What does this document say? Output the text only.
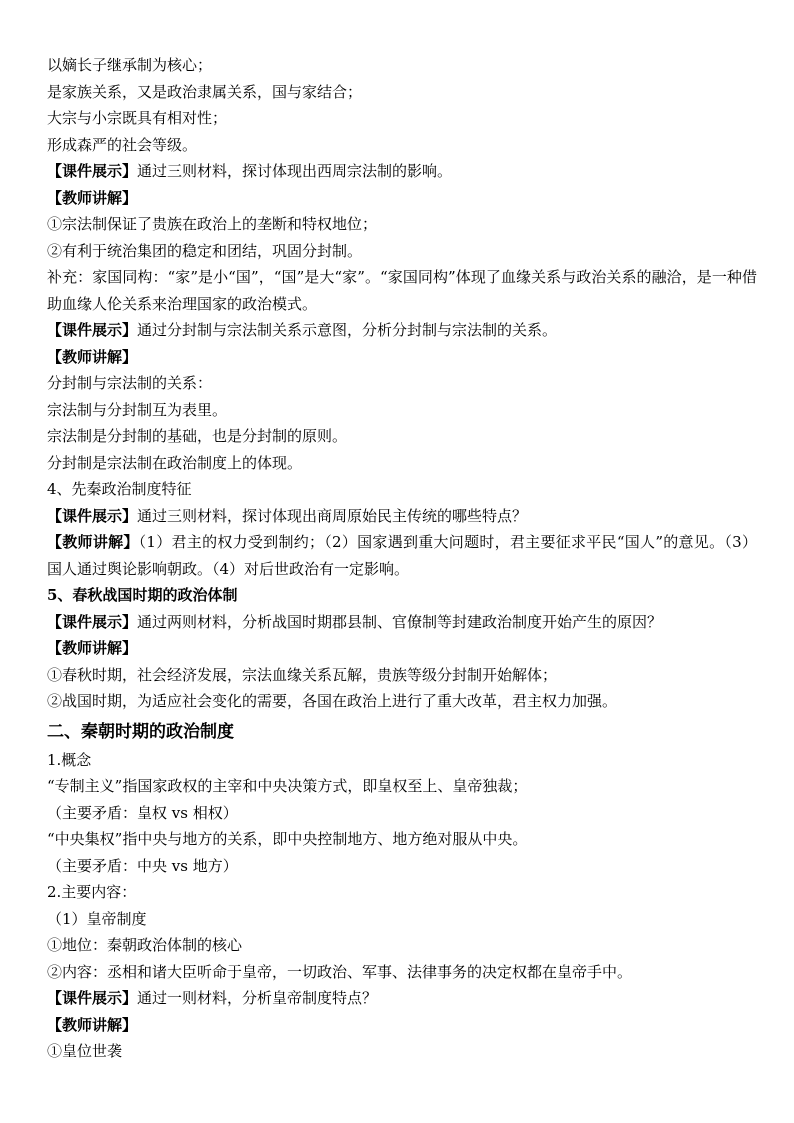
以嫡长子继承制为核心；

是家族关系，又是政治隶属关系，国与家结合；

大宗与小宗既具有相对性；

形成森严的社会等级。

【课件展示】通过三则材料，探讨体现出西周宗法制的影响。

【教师讲解】

①宗法制保证了贵族在政治上的垄断和特权地位；

②有利于统治集团的稳定和团结，巩固分封制。

补充：家国同构：“家”是小“国”，“国”是大“家”。“家国同构”体现了血缘关系与政治关系的融洽，是一种借助血缘人伦关系来治理国家的政治模式。

【课件展示】通过分封制与宗法制关系示意图，分析分封制与宗法制的关系。

【教师讲解】

分封制与宗法制的关系：

宗法制与分封制互为表里。

宗法制是分封制的基础，也是分封制的原则。

分封制是宗法制在政治制度上的体现。

4、先秦政治制度特征

【课件展示】通过三则材料，探讨体现出商周原始民主传统的哪些特点？

【教师讲解】（1）君主的权力受到制约；（2）国家遇到重大问题时，君主要征求平民“国人”的意见。（3）国人通过舆论影响朝政。（4）对后世政治有一定影响。

5、春秋战国时期的政治体制

【课件展示】通过两则材料，分析战国时期郡县制、官僚制等封建政治制度开始产生的原因？

【教师讲解】

①春秋时期，社会经济发展，宗法血缘关系瓦解，贵族等级分封制开始解体；

②战国时期，为适应社会变化的需要，各国在政治上进行了重大改革，君主权力加强。

二、秦朝时期的政治制度

1.概念

“专制主义”指国家政权的主宰和中央决策方式，即皇权至上、皇帝独裁；

（主要矛盾：皇权 vs 相权）

“中央集权”指中央与地方的关系，即中央控制地方、地方绝对服从中央。

（主要矛盾：中央 vs 地方）

2.主要内容：

（1）皇帝制度

①地位：秦朝政治体制的核心

②内容：丞相和诸大臣听命于皇帝，一切政治、军事、法律事务的决定权都在皇帝手中。

【课件展示】通过一则材料，分析皇帝制度特点？

【教师讲解】

①皇位世袭
